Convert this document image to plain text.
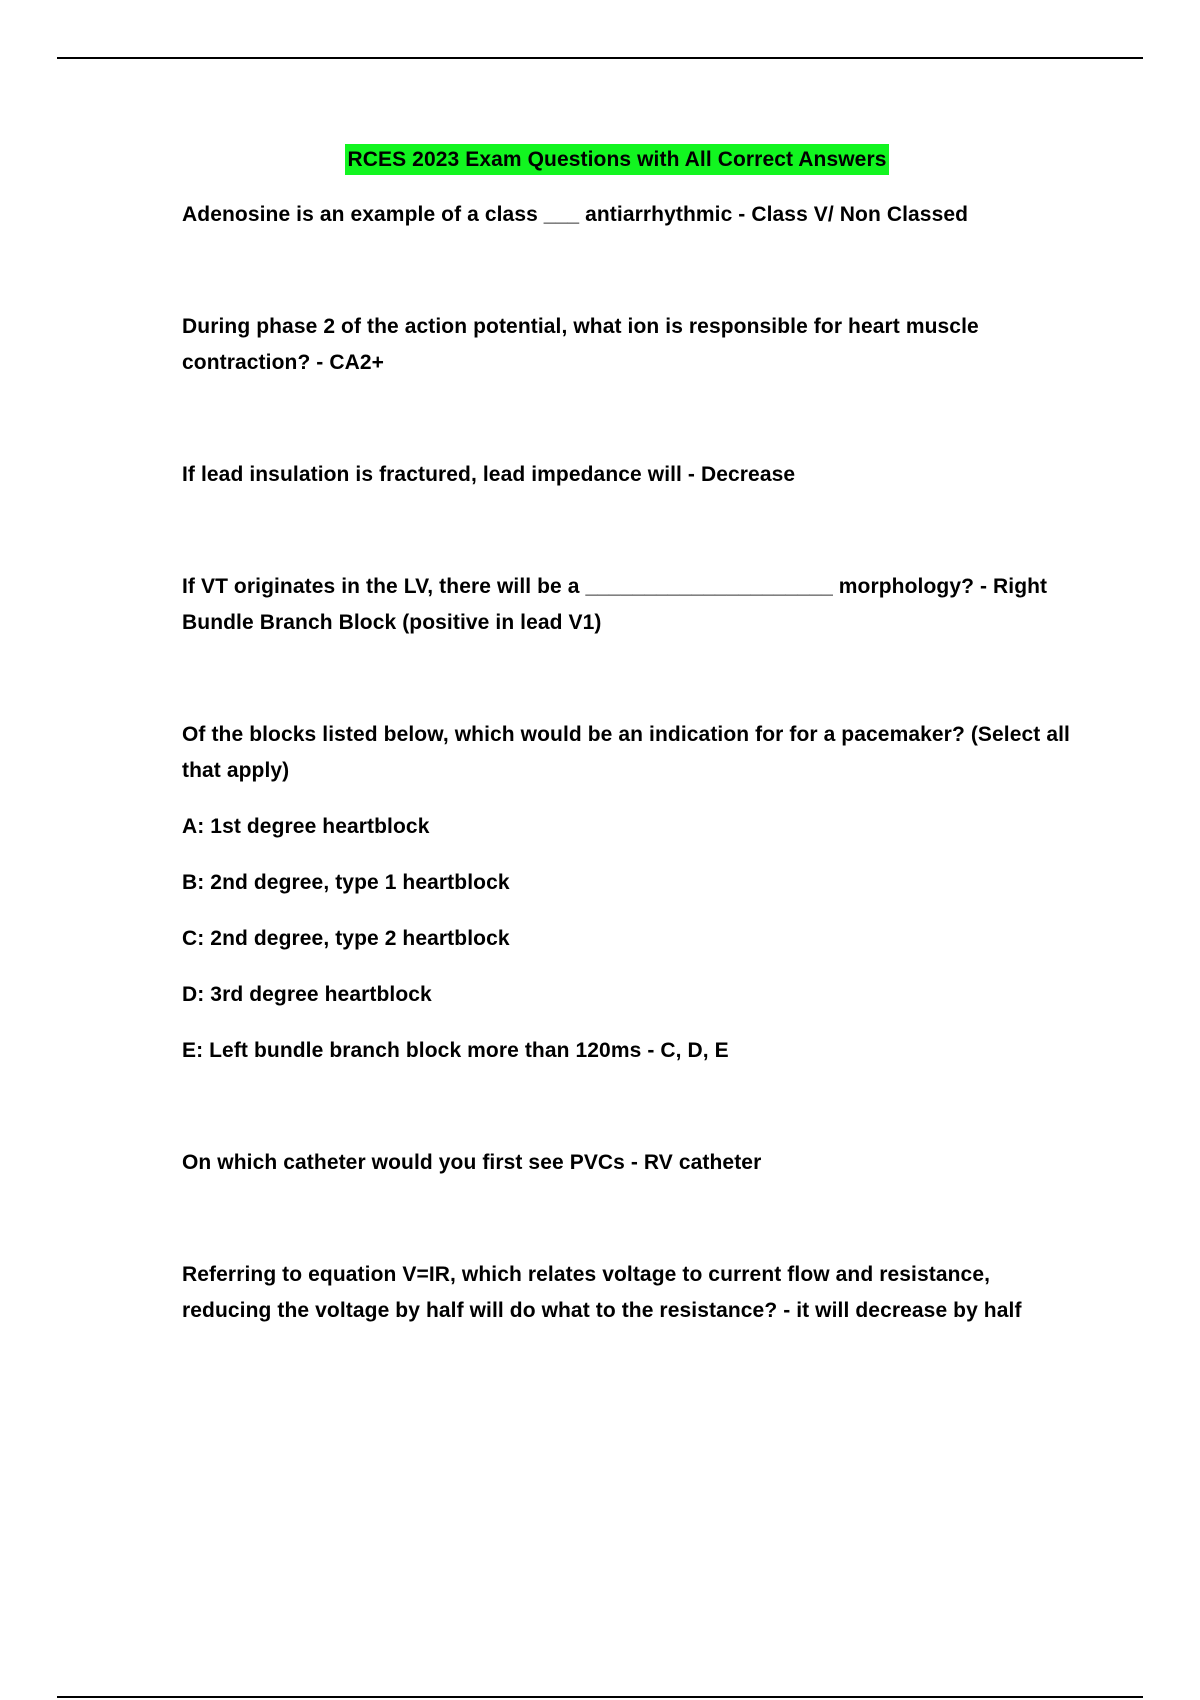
RCES 2023 Exam Questions with All Correct Answers

Adenosine is an example of a class ___ antiarrhythmic - Class V/ Non Classed

During phase 2 of the action potential, what ion is responsible for heart muscle contraction? - CA2+

If lead insulation is fractured, lead impedance will - Decrease

If VT originates in the LV, there will be a _____________________ morphology? - Right Bundle Branch Block (positive in lead V1)

Of the blocks listed below, which would be an indication for for a pacemaker? (Select all that apply)

A: 1st degree heartblock

B: 2nd degree, type 1 heartblock

C: 2nd degree, type 2 heartblock

D: 3rd degree heartblock

E: Left bundle branch block more than 120ms - C, D, E

On which catheter would you first see PVCs - RV catheter

Referring to equation V=IR, which relates voltage to current flow and resistance, reducing the voltage by half will do what to the resistance? - it will decrease by half
